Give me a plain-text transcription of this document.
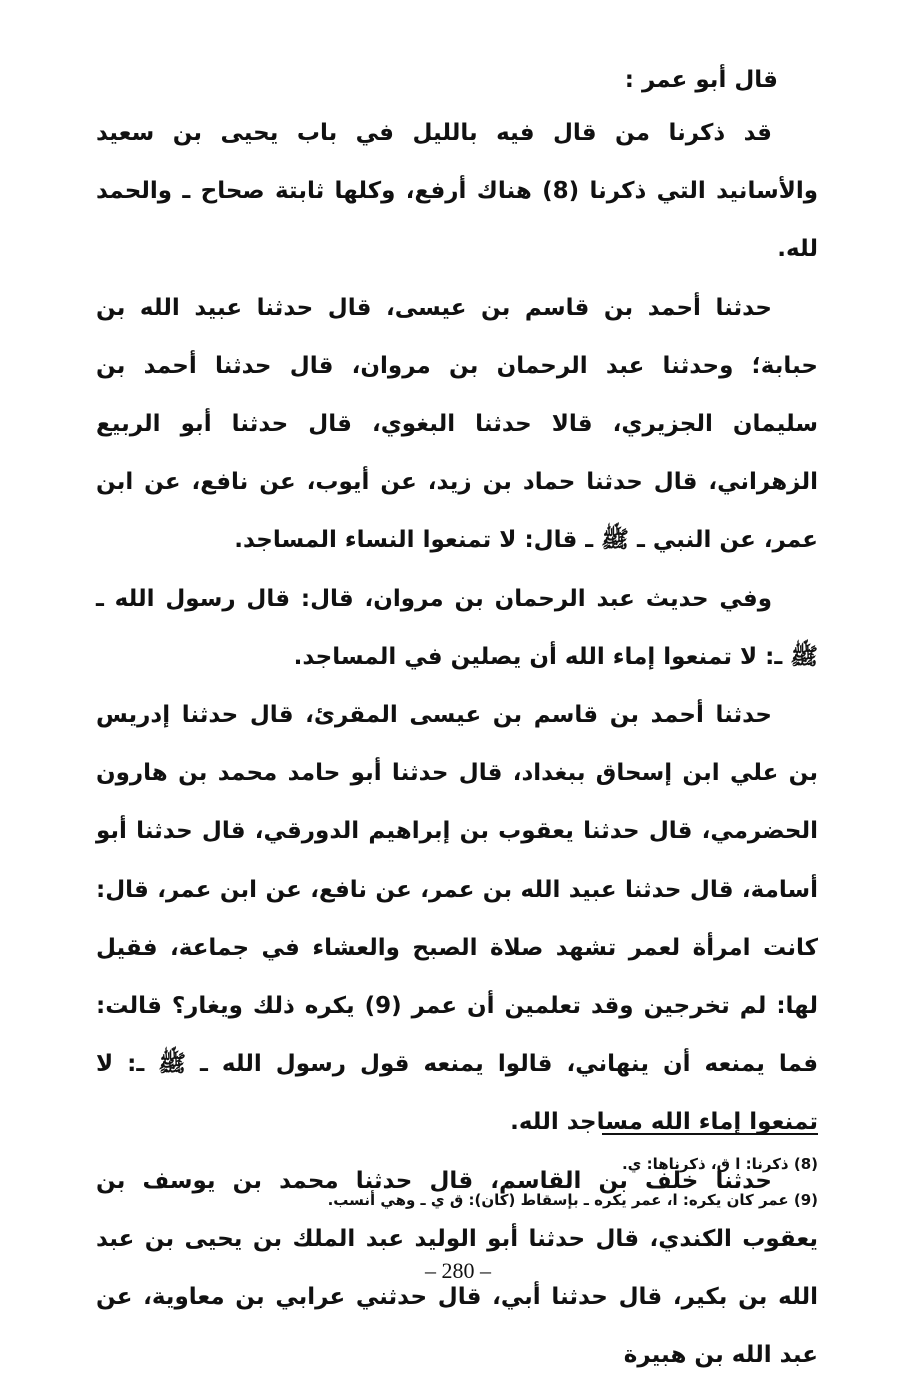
قال أبو عمر :

قد ذكرنا من قال فيه بالليل في باب يحيى بن سعيد والأسانيد التي ذكرنا (8) هناك أرفع، وكلها ثابتة صحاح ـ والحمد لله.

حدثنا أحمد بن قاسم بن عيسى، قال حدثنا عبيد الله بن حبابة؛ وحدثنا عبد الرحمان بن مروان، قال حدثنا أحمد بن سليمان الجزيري، قالا حدثنا البغوي، قال حدثنا أبو الربيع الزهراني، قال حدثنا حماد بن زيد، عن أيوب، عن نافع، عن ابن عمر، عن النبي ـ ﷺ ـ قال: لا تمنعوا النساء المساجد.

وفي حديث عبد الرحمان بن مروان، قال: قال رسول الله ـ ﷺ ـ: لا تمنعوا إماء الله أن يصلين في المساجد.

حدثنا أحمد بن قاسم بن عيسى المقرئ، قال حدثنا إدريس بن علي ابن إسحاق ببغداد، قال حدثنا أبو حامد محمد بن هارون الحضرمي، قال حدثنا يعقوب بن إبراهيم الدورقي، قال حدثنا أبو أسامة، قال حدثنا عبيد الله بن عمر، عن نافع، عن ابن عمر، قال: كانت امرأة لعمر تشهد صلاة الصبح والعشاء في جماعة، فقيل لها: لم تخرجين وقد تعلمين أن عمر (9) يكره ذلك ويغار؟ قالت: فما يمنعه أن ينهاني، قالوا يمنعه قول رسول الله ـ ﷺ ـ: لا تمنعوا إماء الله مساجد الله.

حدثنا خلف بن القاسم، قال حدثنا محمد بن يوسف بن يعقوب الكندي، قال حدثنا أبو الوليد عبد الملك بن يحيى بن عبد الله بن بكير، قال حدثنا أبي، قال حدثني عرابي بن معاوية، عن عبد الله بن هبيرة

(8) ذكرنا: ا ق، ذكرناها: ي.

(9) عمر كان يكره: ا، عمر يكره ـ بإسقاط (كان): ق ي ـ وهي أنسب.

– 280 –
